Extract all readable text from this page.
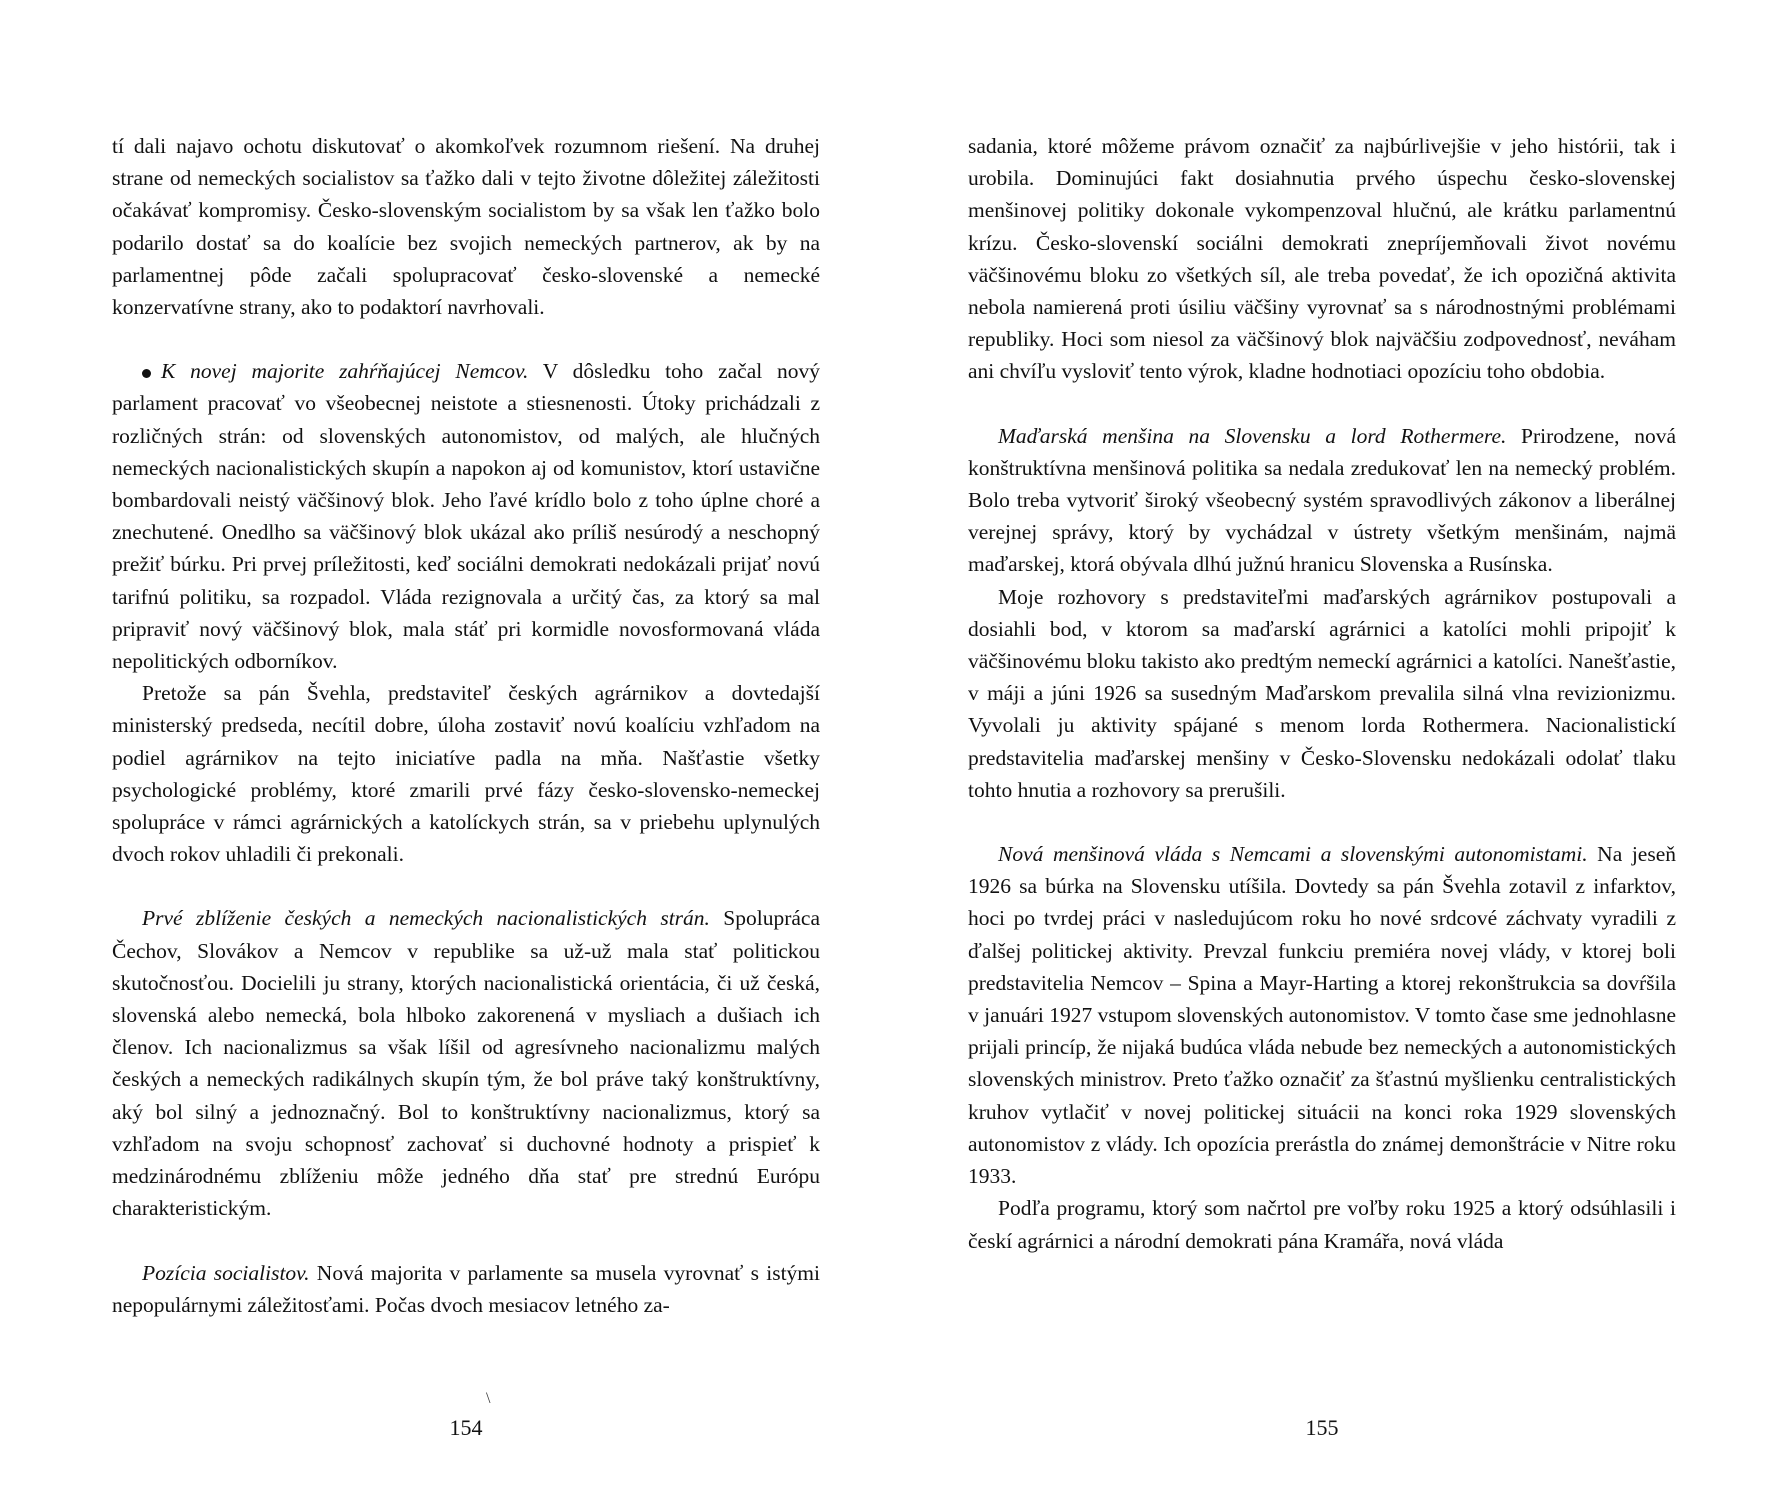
tí dali najavo ochotu diskutovať o akomkoľvek rozumnom riešení. Na druhej strane od nemeckých socialistov sa ťažko dali v tejto životne dôležitej záležitosti očakávať kompromisy. Česko-slovenským socialistom by sa však len ťažko bolo podarilo dostať sa do koalície bez svojich nemeckých partnerov, ak by na parlamentnej pôde začali spolupracovať česko-slovenské a nemecké konzervatívne strany, ako to podaktorí navrhovali.

K novej majorite zahŕňajúcej Nemcov. V dôsledku toho začal nový parlament pracovať vo všeobecnej neistote a stiesnenosti. Útoky prichádzali z rozličných strán: od slovenských autonomistov, od malých, ale hlučných nemeckých nacionalistických skupín a napokon aj od komunistov, ktorí ustavične bombardovali neistý väčšinový blok. Jeho ľavé krídlo bolo z toho úplne choré a znechutené. Onedlho sa väčšinový blok ukázal ako príliš nesúrodý a neschopný prežiť búrku. Pri prvej príležitosti, keď sociálni demokrati nedokázali prijať novú tarifnú politiku, sa rozpadol. Vláda rezignovala a určitý čas, za ktorý sa mal pripraviť nový väčšinový blok, mala stáť pri kormidle novosformovaná vláda nepolitických odborníkov.

Pretože sa pán Švehla, predstaviteľ českých agrárnikov a dovtedajší ministerský predseda, necítil dobre, úloha zostaviť novú koalíciu vzhľadom na podiel agrárnikov na tejto iniciatíve padla na mňa. Našťastie všetky psychologické problémy, ktoré zmarili prvé fázy česko-slovensko-nemeckej spolupráce v rámci agrárnických a katolíckych strán, sa v priebehu uplynulých dvoch rokov uhladili či prekonali.

Prvé zblíženie českých a nemeckých nacionalistických strán. Spolupráca Čechov, Slovákov a Nemcov v republike sa už-už mala stať politickou skutočnosťou. Docielili ju strany, ktorých nacionalistická orientácia, či už česká, slovenská alebo nemecká, bola hlboko zakorenená v mysliach a dušiach ich členov. Ich nacionalizmus sa však líšil od agresívneho nacionalizmu malých českých a nemeckých radikálnych skupín tým, že bol práve taký konštruktívny, aký bol silný a jednoznačný. Bol to konštruktívny nacionalizmus, ktorý sa vzhľadom na svoju schopnosť zachovať si duchovné hodnoty a prispieť k medzinárodnému zblíženiu môže jedného dňa stať pre strednú Európu charakteristickým.

Pozícia socialistov. Nová majorita v parlamente sa musela vyrovnať s istými nepopulárnymi záležitosťami. Počas dvoch mesiacov letného za-

\
154

sadania, ktoré môžeme právom označiť za najbúrlivejšie v jeho histórii, tak i urobila. Dominujúci fakt dosiahnutia prvého úspechu česko-slovenskej menšinovej politiky dokonale vykompenzoval hlučnú, ale krátku parlamentnú krízu. Česko-slovenskí sociálni demokrati znepríjemňovali život novému väčšinovému bloku zo všetkých síl, ale treba povedať, že ich opozičná aktivita nebola namierená proti úsiliu väčšiny vyrovnať sa s národnostnými problémami republiky. Hoci som niesol za väčšinový blok najväčšiu zodpovednosť, neváham ani chvíľu vysloviť tento výrok, kladne hodnotiaci opozíciu toho obdobia.

Maďarská menšina na Slovensku a lord Rothermere. Prirodzene, nová konštruktívna menšinová politika sa nedala zredukovať len na nemecký problém. Bolo treba vytvoriť široký všeobecný systém spravodlivých zákonov a liberálnej verejnej správy, ktorý by vychádzal v ústrety všetkým menšinám, najmä maďarskej, ktorá obývala dlhú južnú hranicu Slovenska a Rusínska.

Moje rozhovory s predstaviteľmi maďarských agrárnikov postupovali a dosiahli bod, v ktorom sa maďarskí agrárnici a katolíci mohli pripojiť k väčšinovému bloku takisto ako predtým nemeckí agrárnici a katolíci. Nanešťastie, v máji a júni 1926 sa susedným Maďarskom prevalila silná vlna revizionizmu. Vyvolali ju aktivity spájané s menom lorda Rothermera. Nacionalistickí predstavitelia maďarskej menšiny v Česko-Slovensku nedokázali odolať tlaku tohto hnutia a rozhovory sa prerušili.

Nová menšinová vláda s Nemcami a slovenskými autonomistami. Na jeseň 1926 sa búrka na Slovensku utíšila. Dovtedy sa pán Švehla zotavil z infarktov, hoci po tvrdej práci v nasledujúcom roku ho nové srdcové záchvaty vyradili z ďalšej politickej aktivity. Prevzal funkciu premiéra novej vlády, v ktorej boli predstavitelia Nemcov – Spina a Mayr-Harting a ktorej rekonštrukcia sa dovŕšila v januári 1927 vstupom slovenských autonomistov. V tomto čase sme jednohlasne prijali princíp, že nijaká budúca vláda nebude bez nemeckých a autonomistických slovenských ministrov. Preto ťažko označiť za šťastnú myšlienku centralistických kruhov vytlačiť v novej politickej situácii na konci roka 1929 slovenských autonomistov z vlády. Ich opozícia prerástla do známej demonštrácie v Nitre roku 1933.

Podľa programu, ktorý som načrtol pre voľby roku 1925 a ktorý odsúhlasili i českí agrárnici a národní demokrati pána Kramářa, nová vláda

155
